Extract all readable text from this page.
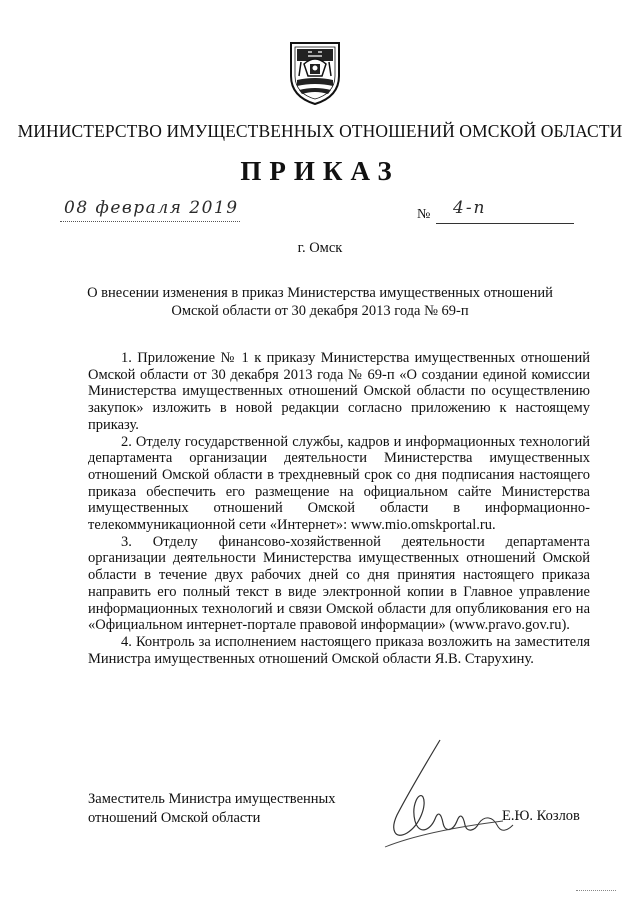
МИНИСТЕРСТВО ИМУЩЕСТВЕННЫХ ОТНОШЕНИЙ ОМСКОЙ ОБЛАСТИ
ПРИКАЗ
08 февраля 2019	№ 4-п
г. Омск
О внесении изменения в приказ Министерства имущественных отношений
Омской области от 30 декабря 2013 года № 69-п

1. Приложение № 1 к приказу Министерства имущественных отношений Омской области от 30 декабря 2013 года № 69-п «О создании единой комиссии Министерства имущественных отношений Омской области по осуществлению закупок» изложить в новой редакции согласно приложению к настоящему приказу.

2. Отделу государственной службы, кадров и информационных технологий департамента организации деятельности Министерства имущественных отношений Омской области в трехдневный срок со дня подписания настоящего приказа обеспечить его размещение на официальном сайте Министерства имущественных отношений Омской области в информационно-телекоммуникационной сети «Интернет»: www.mio.omskportal.ru.

3. Отделу финансово-хозяйственной деятельности департамента организации деятельности Министерства имущественных отношений Омской области в течение двух рабочих дней со дня принятия настоящего приказа направить его полный текст в виде электронной копии в Главное управление информационных технологий и связи Омской области для опубликования его на «Официальном интернет-портале правовой информации» (www.pravo.gov.ru).

4. Контроль за исполнением настоящего приказа возложить на заместителя Министра имущественных отношений Омской области Я.В. Старухину.

Заместитель Министра имущественных
отношений Омской области	Е.Ю. Козлов
